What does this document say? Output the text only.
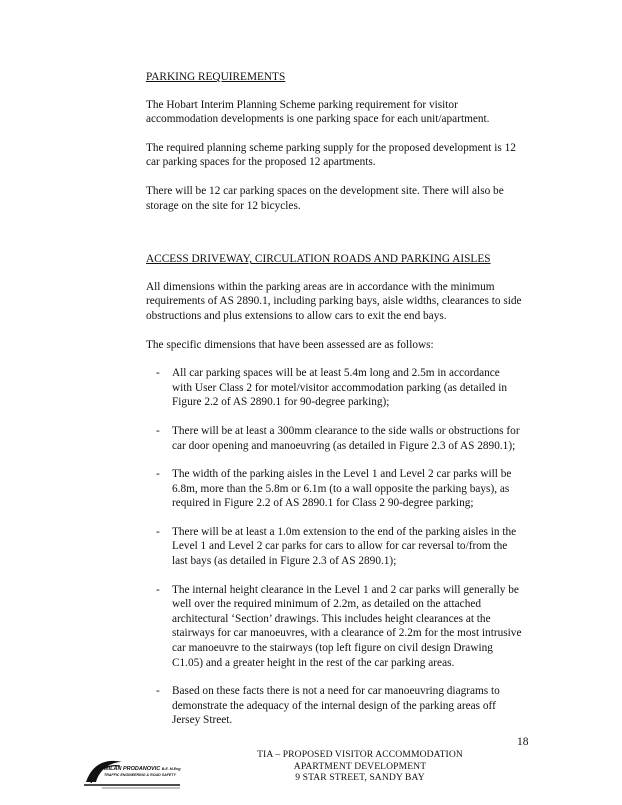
PARKING REQUIREMENTS

The Hobart Interim Planning Scheme parking requirement for visitor accommodation developments is one parking space for each unit/apartment.

The required planning scheme parking supply for the proposed development is 12 car parking spaces for the proposed 12 apartments.

There will be 12 car parking spaces on the development site. There will also be storage on the site for 12 bicycles.

ACCESS DRIVEWAY, CIRCULATION ROADS AND PARKING AISLES

All dimensions within the parking areas are in accordance with the minimum requirements of AS 2890.1, including parking bays, aisle widths, clearances to side obstructions and plus extensions to allow cars to exit the end bays.

The specific dimensions that have been assessed are as follows:

- All car parking spaces will be at least 5.4m long and 2.5m in accordance with User Class 2 for motel/visitor accommodation parking (as detailed in Figure 2.2 of AS 2890.1 for 90-degree parking);
- There will be at least a 300mm clearance to the side walls or obstructions for car door opening and manoeuvring (as detailed in Figure 2.3 of AS 2890.1);
- The width of the parking aisles in the Level 1 and Level 2 car parks will be 6.8m, more than the 5.8m or 6.1m (to a wall opposite the parking bays), as required in Figure 2.2 of AS 2890.1 for Class 2 90-degree parking;
- There will be at least a 1.0m extension to the end of the parking aisles in the Level 1 and Level 2 car parks for cars to allow for car reversal to/from the last bays (as detailed in Figure 2.3 of AS 2890.1);
- The internal height clearance in the Level 1 and 2 car parks will generally be well over the required minimum of 2.2m, as detailed on the attached architectural ‘Section’ drawings. This includes height clearances at the stairways for car manoeuvres, with a clearance of 2.2m for the most intrusive car manoeuvre to the stairways (top left figure on civil design Drawing C1.05) and a greater height in the rest of the car parking areas.
- Based on these facts there is not a need for car manoeuvring diagrams to demonstrate the adequacy of the internal design of the parking areas off Jersey Street.
18
MILAN PRODANOVIC B.E. M.Eng
TRAFFIC ENGINEERING & ROAD SAFETY
TIA – PROPOSED VISITOR ACCOMMODATION
APARTMENT DEVELOPMENT
9 STAR STREET, SANDY BAY
